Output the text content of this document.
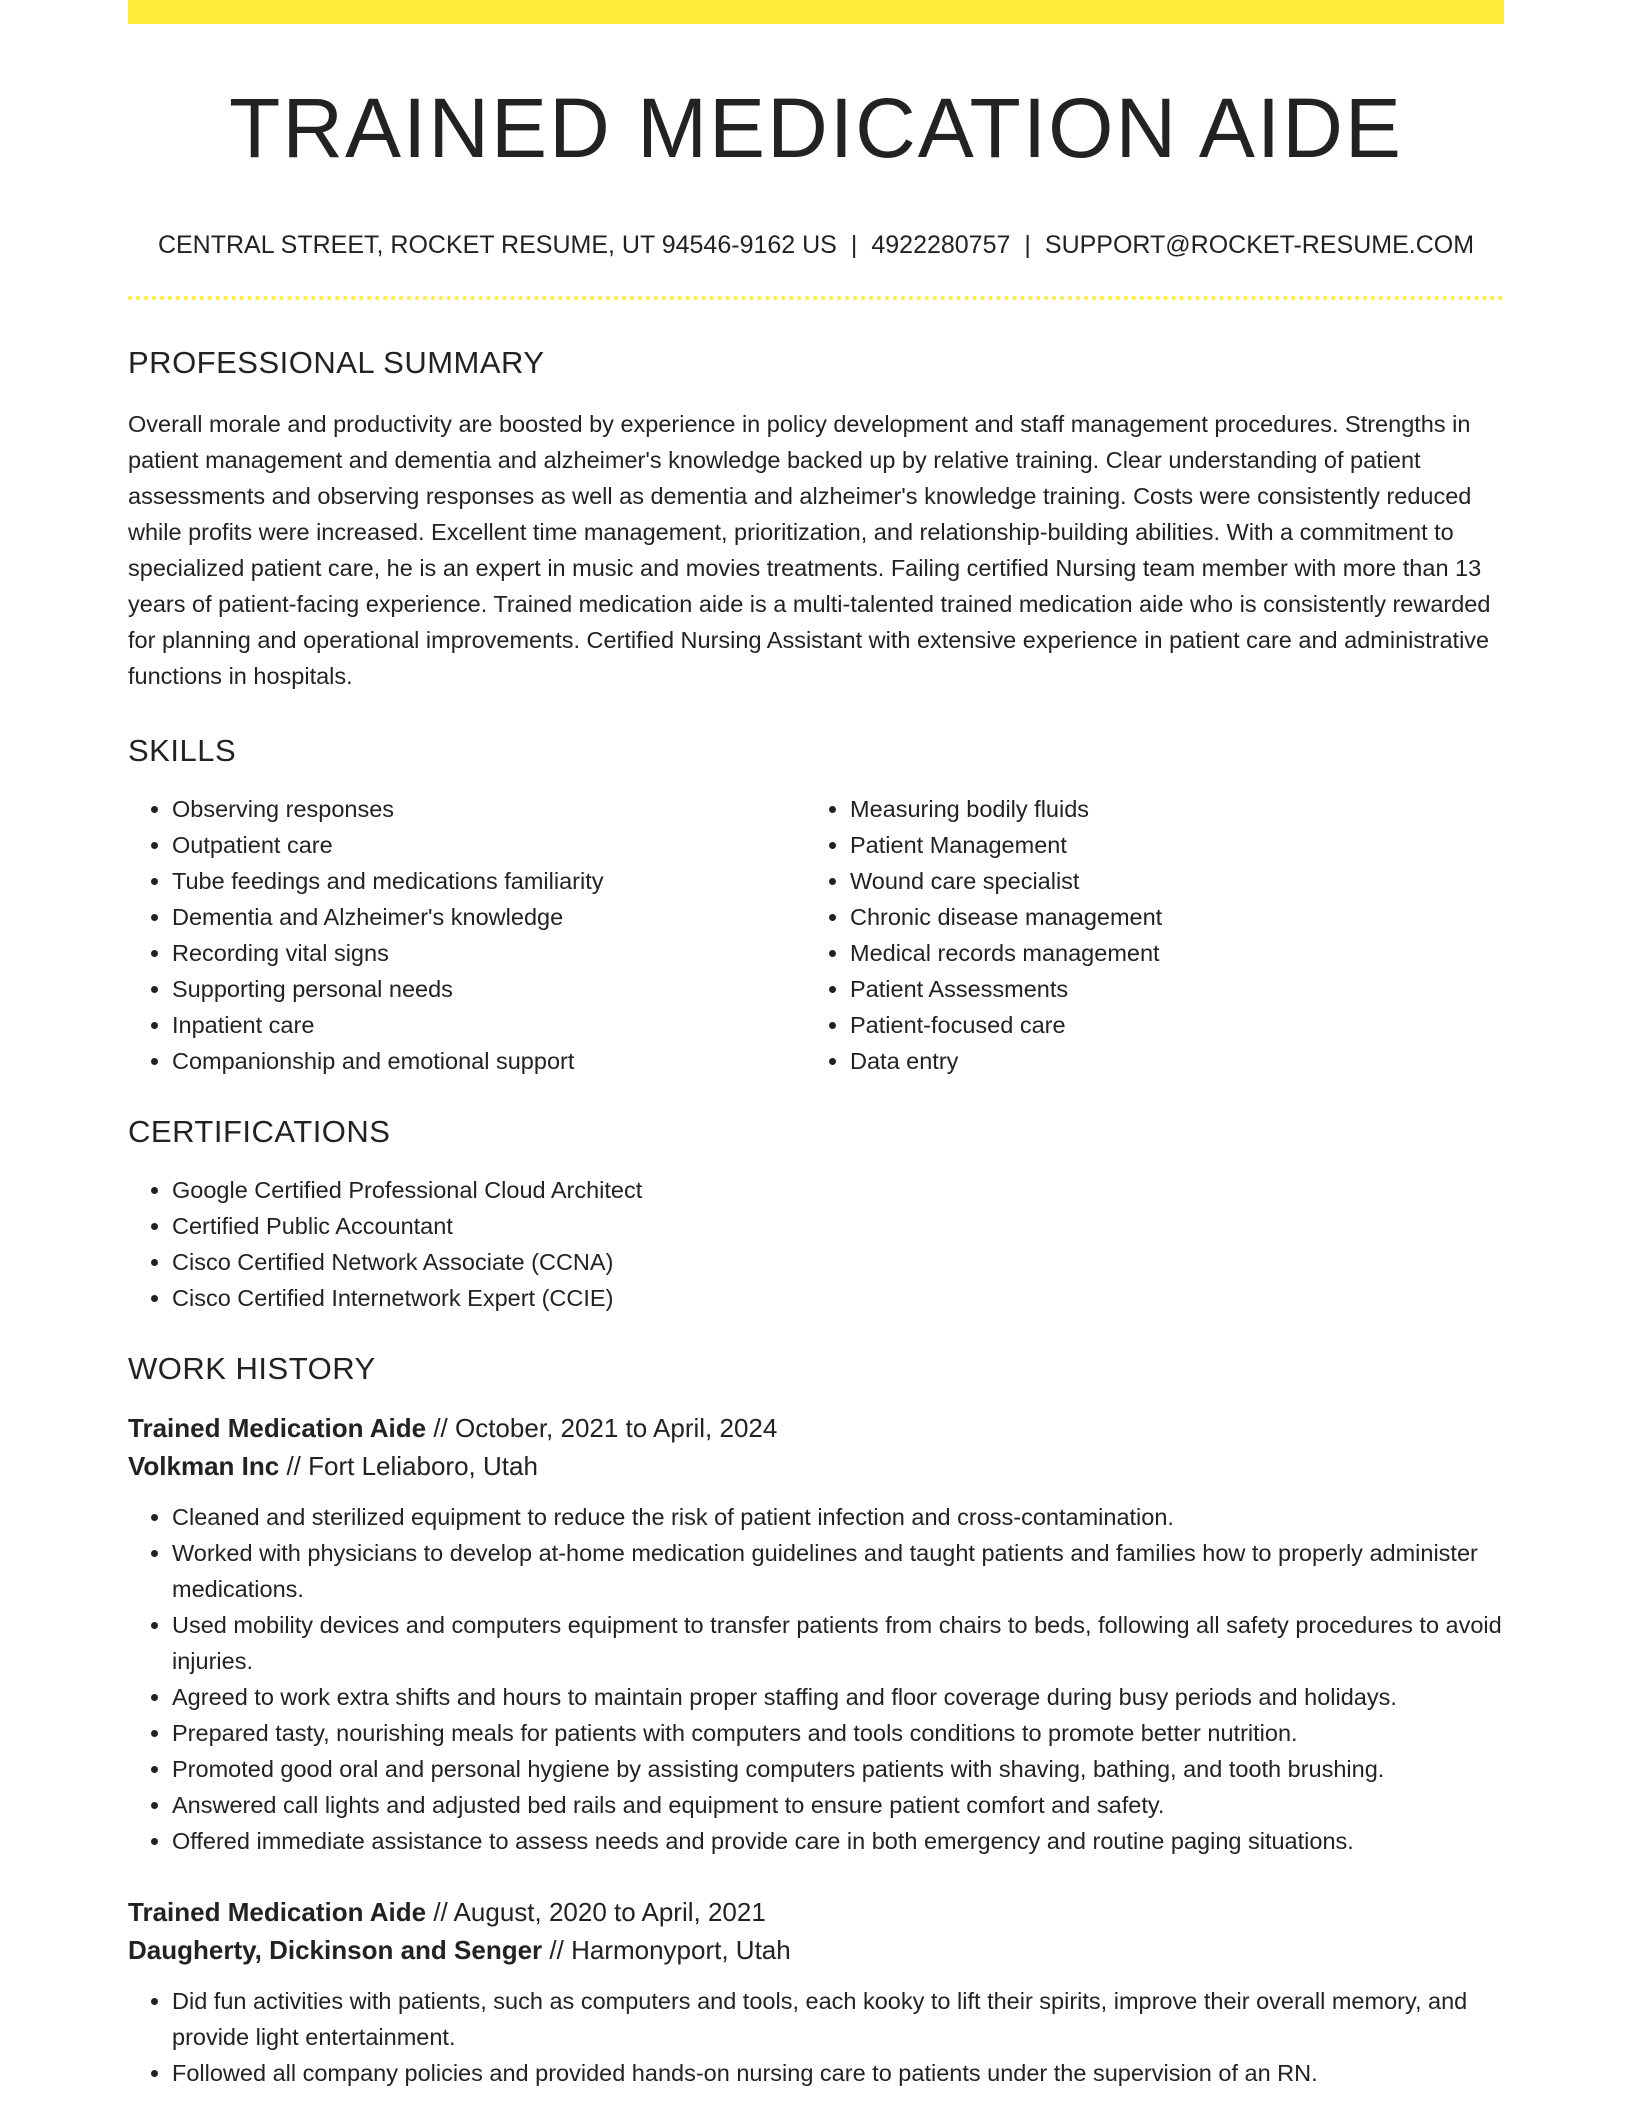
TRAINED MEDICATION AIDE
CENTRAL STREET, ROCKET RESUME, UT 94546-9162 US | 4922280757 | SUPPORT@ROCKET-RESUME.COM
PROFESSIONAL SUMMARY

Overall morale and productivity are boosted by experience in policy development and staff management procedures. Strengths in patient management and dementia and alzheimer's knowledge backed up by relative training. Clear understanding of patient assessments and observing responses as well as dementia and alzheimer's knowledge training. Costs were consistently reduced while profits were increased. Excellent time management, prioritization, and relationship-building abilities. With a commitment to specialized patient care, he is an expert in music and movies treatments. Failing certified Nursing team member with more than 13 years of patient-facing experience. Trained medication aide is a multi-talented trained medication aide who is consistently rewarded for planning and operational improvements. Certified Nursing Assistant with extensive experience in patient care and administrative functions in hospitals.

SKILLS
• Observing responses
• Outpatient care
• Tube feedings and medications familiarity
• Dementia and Alzheimer's knowledge
• Recording vital signs
• Supporting personal needs
• Inpatient care
• Companionship and emotional support
• Measuring bodily fluids
• Patient Management
• Wound care specialist
• Chronic disease management
• Medical records management
• Patient Assessments
• Patient-focused care
• Data entry
CERTIFICATIONS
• Google Certified Professional Cloud Architect
• Certified Public Accountant
• Cisco Certified Network Associate (CCNA)
• Cisco Certified Internetwork Expert (CCIE)
WORK HISTORY
Trained Medication Aide // October, 2021 to April, 2024
Volkman Inc // Fort Leliaboro, Utah
• Cleaned and sterilized equipment to reduce the risk of patient infection and cross-contamination.
• Worked with physicians to develop at-home medication guidelines and taught patients and families how to properly administer medications.
• Used mobility devices and computers equipment to transfer patients from chairs to beds, following all safety procedures to avoid injuries.
• Agreed to work extra shifts and hours to maintain proper staffing and floor coverage during busy periods and holidays.
• Prepared tasty, nourishing meals for patients with computers and tools conditions to promote better nutrition.
• Promoted good oral and personal hygiene by assisting computers patients with shaving, bathing, and tooth brushing.
• Answered call lights and adjusted bed rails and equipment to ensure patient comfort and safety.
• Offered immediate assistance to assess needs and provide care in both emergency and routine paging situations.
Trained Medication Aide // August, 2020 to April, 2021
Daugherty, Dickinson and Senger // Harmonyport, Utah
• Did fun activities with patients, such as computers and tools, each kooky to lift their spirits, improve their overall memory, and provide light entertainment.
• Followed all company policies and provided hands-on nursing care to patients under the supervision of an RN.
